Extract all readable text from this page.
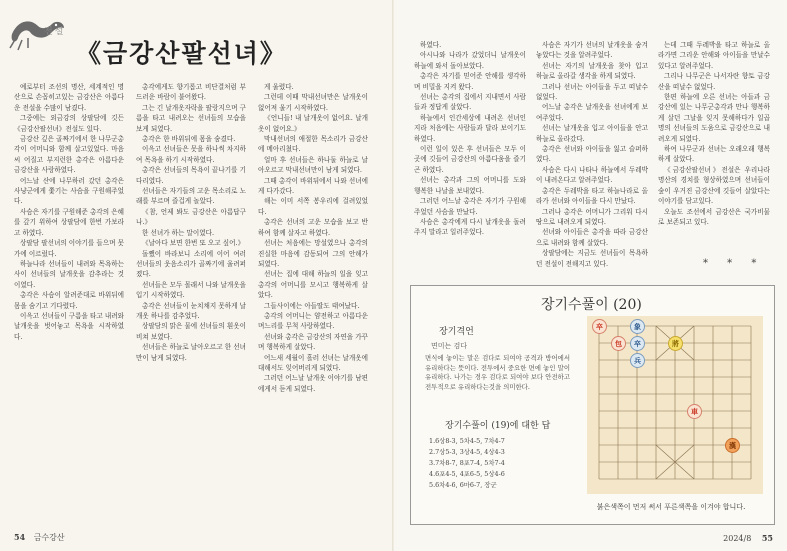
전설
《금강산팔선녀》

예로부터 조선의 명산, 세계적인 명산으로 손꼽히고있는 금강산은 아름다운 전설을 수많이 남겼다.

그중에는 외금강의 상팔담에 깃든 《금강산팔선녀》전설도 있다.

금강산 깊은 골짜기에서 한 나무군총각이 어머니와 함께 살고있었다. 마음씨 어질고 부지런한 총각은 아름다운 금강산을 사랑하였다.

어느날 산에 나무하러 갔던 총각은 사냥군에게 쫓기는 사슴을 구원해주었다.

사슴은 자기를 구원해준 총각의 은혜를 갚기 위하여 상팔담에 한번 가보라고 하였다.

상팔담 팔선녀의 이야기를 들으며 못가에 이르렀다.

하늘나라 선녀들이 내려와 목욕하는 사이 선녀들의 날개옷을 감추라는 것이였다.

총각은 사슴이 알려준대로 바위뒤에 몸을 숨기고 기다렸다.

이윽고 선녀들이 구름을 타고 내려와 날개옷을 벗어놓고 목욕을 시작하였다.

총각에게도 향기롭고 비단결처럼 부드러운 바람이 불어왔다.

그는 긴 날개옷자락을 팔랑지으며 구름을 타고 내려오는 선녀들의 모습을 보게 되였다.

총각은 한 바위뒤에 몸을 숨겼다.

이윽고 선녀들은 못을 하나씩 차지하여 목욕을 하기 시작하였다.

총각은 선녀들의 목욕이 끝나기를 기다리였다.

선녀들은 자기들의 고운 목소리로 노래를 부르며 즐겁게 놀았다.

《참, 언제 봐도 금강산은 아름답구나.》

한 선녀가 하는 말이였다.

《날아다 보면 한번 또 오고 싶어.》

돌쨌이 바라보니 소리에 이어 여러 선녀들의 웃음소리가 골짜기에 울려퍼졌다.

선녀들은 모두 몰래서 나와 날개옷을 입기 시작하였다.

총각은 선녀들이 눈치채지 못하게 날개옷 하나를 감추었다.

상팔담의 맑은 물에 선녀들의 흰옷이 비쳐 보였다.

선녀들은 하늘로 날아오르고 한 선녀만이 남게 되였다.

게 울렸다.

그런데 이때 막내선녀만은 날개옷이 없어져 울기 시작하였다.

《언니들! 내 날개옷이 없어요. 날개옷이 없어요.》

막내선녀의 애절한 목소리가 금강산에 메아리쳤다.

얼마 후 선녀들은 하나둘 하늘로 날아오르고 막내선녀만이 남게 되였다.

그때 총각이 바위뒤에서 나와 선녀에게 다가갔다.

해는 이미 서쪽 봉우리에 걸려있었다.

총각은 선녀의 고운 모습을 보고 반하여 함께 살자고 하였다.

선녀는 처음에는 망설였으나 총각의 진실한 마음에 감동되여 그의 안해가 되였다.

선녀는 집에 대해 하늘의 일을 잊고 총각의 어머니를 모시고 행복하게 살았다.

그들사이에는 아들딸도 태여났다.

총각의 어머니는 얌전하고 아름다운 며느리를 무척 사랑하였다.

선녀와 총각은 금강산의 자연을 가꾸며 행복하게 살았다.

어느새 세월이 흘러 선녀는 날개옷에 대해서도 잊어버리게 되였다.

그러던 어느날 날개옷 이야기를 남편에게서 듣게 되였다.

54 금수강산

하였다.

아시나와 나라가 갔었더니 날개옷이 하늘에 와서 돌아보았다.

총각은 자기를 믿어준 안해를 생각하며 비밀을 지켜 왔다.

선녀는 총각의 집에서 지내면서 사람들과 정답게 살았다.

하늘에서 인간세상에 내려온 선녀인지라 처음에는 사람들과 달라 보이기도 하였다.

이런 일이 있은 후 선녀들은 모두 이곳에 깃들어 금강산의 아름다움을 즐기곤 하였다.

선녀는 총각과 그의 어머니를 도와 행복한 나날을 보내였다.

그러던 어느날 총각은 자기가 구원해주었던 사슴을 만났다.

사슴은 총각에게 다시 날개옷을 돌려주지 말라고 일러주었다.

사슴은 자기가 선녀의 날개옷을 숨겨놓았다는 것을 알려주었다.

선녀는 자기의 날개옷을 찾아 입고 하늘로 올라갈 생각을 하게 되였다.

그러나 선녀는 아이들을 두고 떠날수 없었다.

어느날 총각은 날개옷을 선녀에게 보여주었다.

선녀는 날개옷을 입고 아이들을 안고 하늘로 올라갔다.

총각은 선녀와 아이들을 잃고 슬퍼하였다.

사슴은 다시 나타나 하늘에서 두레박이 내려온다고 알려주었다.

총각은 두레박을 타고 하늘나라로 올라가 선녀와 아이들을 다시 만났다.

그러나 총각은 어머니가 그리워 다시 땅으로 내려오게 되였다.

선녀와 아이들은 총각을 따라 금강산으로 내려와 함께 살았다.

상팔담에는 지금도 선녀들이 목욕하던 전설이 전해지고 있다.

는데 그때 두레박을 타고 하늘로 올라가면 그리운 안해와 아이들을 만날수 있다고 알려주었다.

그리나 나무군은 나서자란 향토 금강산을 떠날수 없었다.

한편 하늘에 오른 선녀는 아들과 금강산에 있는 나무군총각과 만나 행복하게 살던 그날을 잊지 못해하다가 일곱명의 선녀들의 도움으로 금강산으로 내려오게 되였다.

하여 나무군과 선녀는 오래오래 행복하게 살았다.

《금강산팔선녀》전설은 우리나라 명산의 경치를 형상하였으며 선녀들이 숲이 우거진 금강산에 깃들어 살았다는 이야기를 담고있다.

오늘도 조선에서 금강산은 국가비물로 보존되고 있다.

2024/8 55
* * *
장기수풀이 (20)
장기격언
면미는 검다
면식에 놓이는 말은 검다로 되여야 공격과 방어에서 유리하다는 뜻이다. 전투에서 중요한 면에 놓인 말이 유리하다. 나가는 경우 검다로 되여야 보다 안전하고 전투적으로 유리하다는것을 의미한다.
장기수풀이 (19)에 대한 답
1.6상8-3, 5차4-5, 7차4-7
2.7상5-3, 3상4-5, 4상4-3
3.7차8-7, 8포7-4, 5차7-4
4.6포4-5, 4포6-5, 5상4-6
5.6차4-6, 6마6-7, 장군
卒
包
象
卒
兵
將
車
漢
붉은색쪽이 먼저 써서 푸른색쪽을 이겨야 합니다.
